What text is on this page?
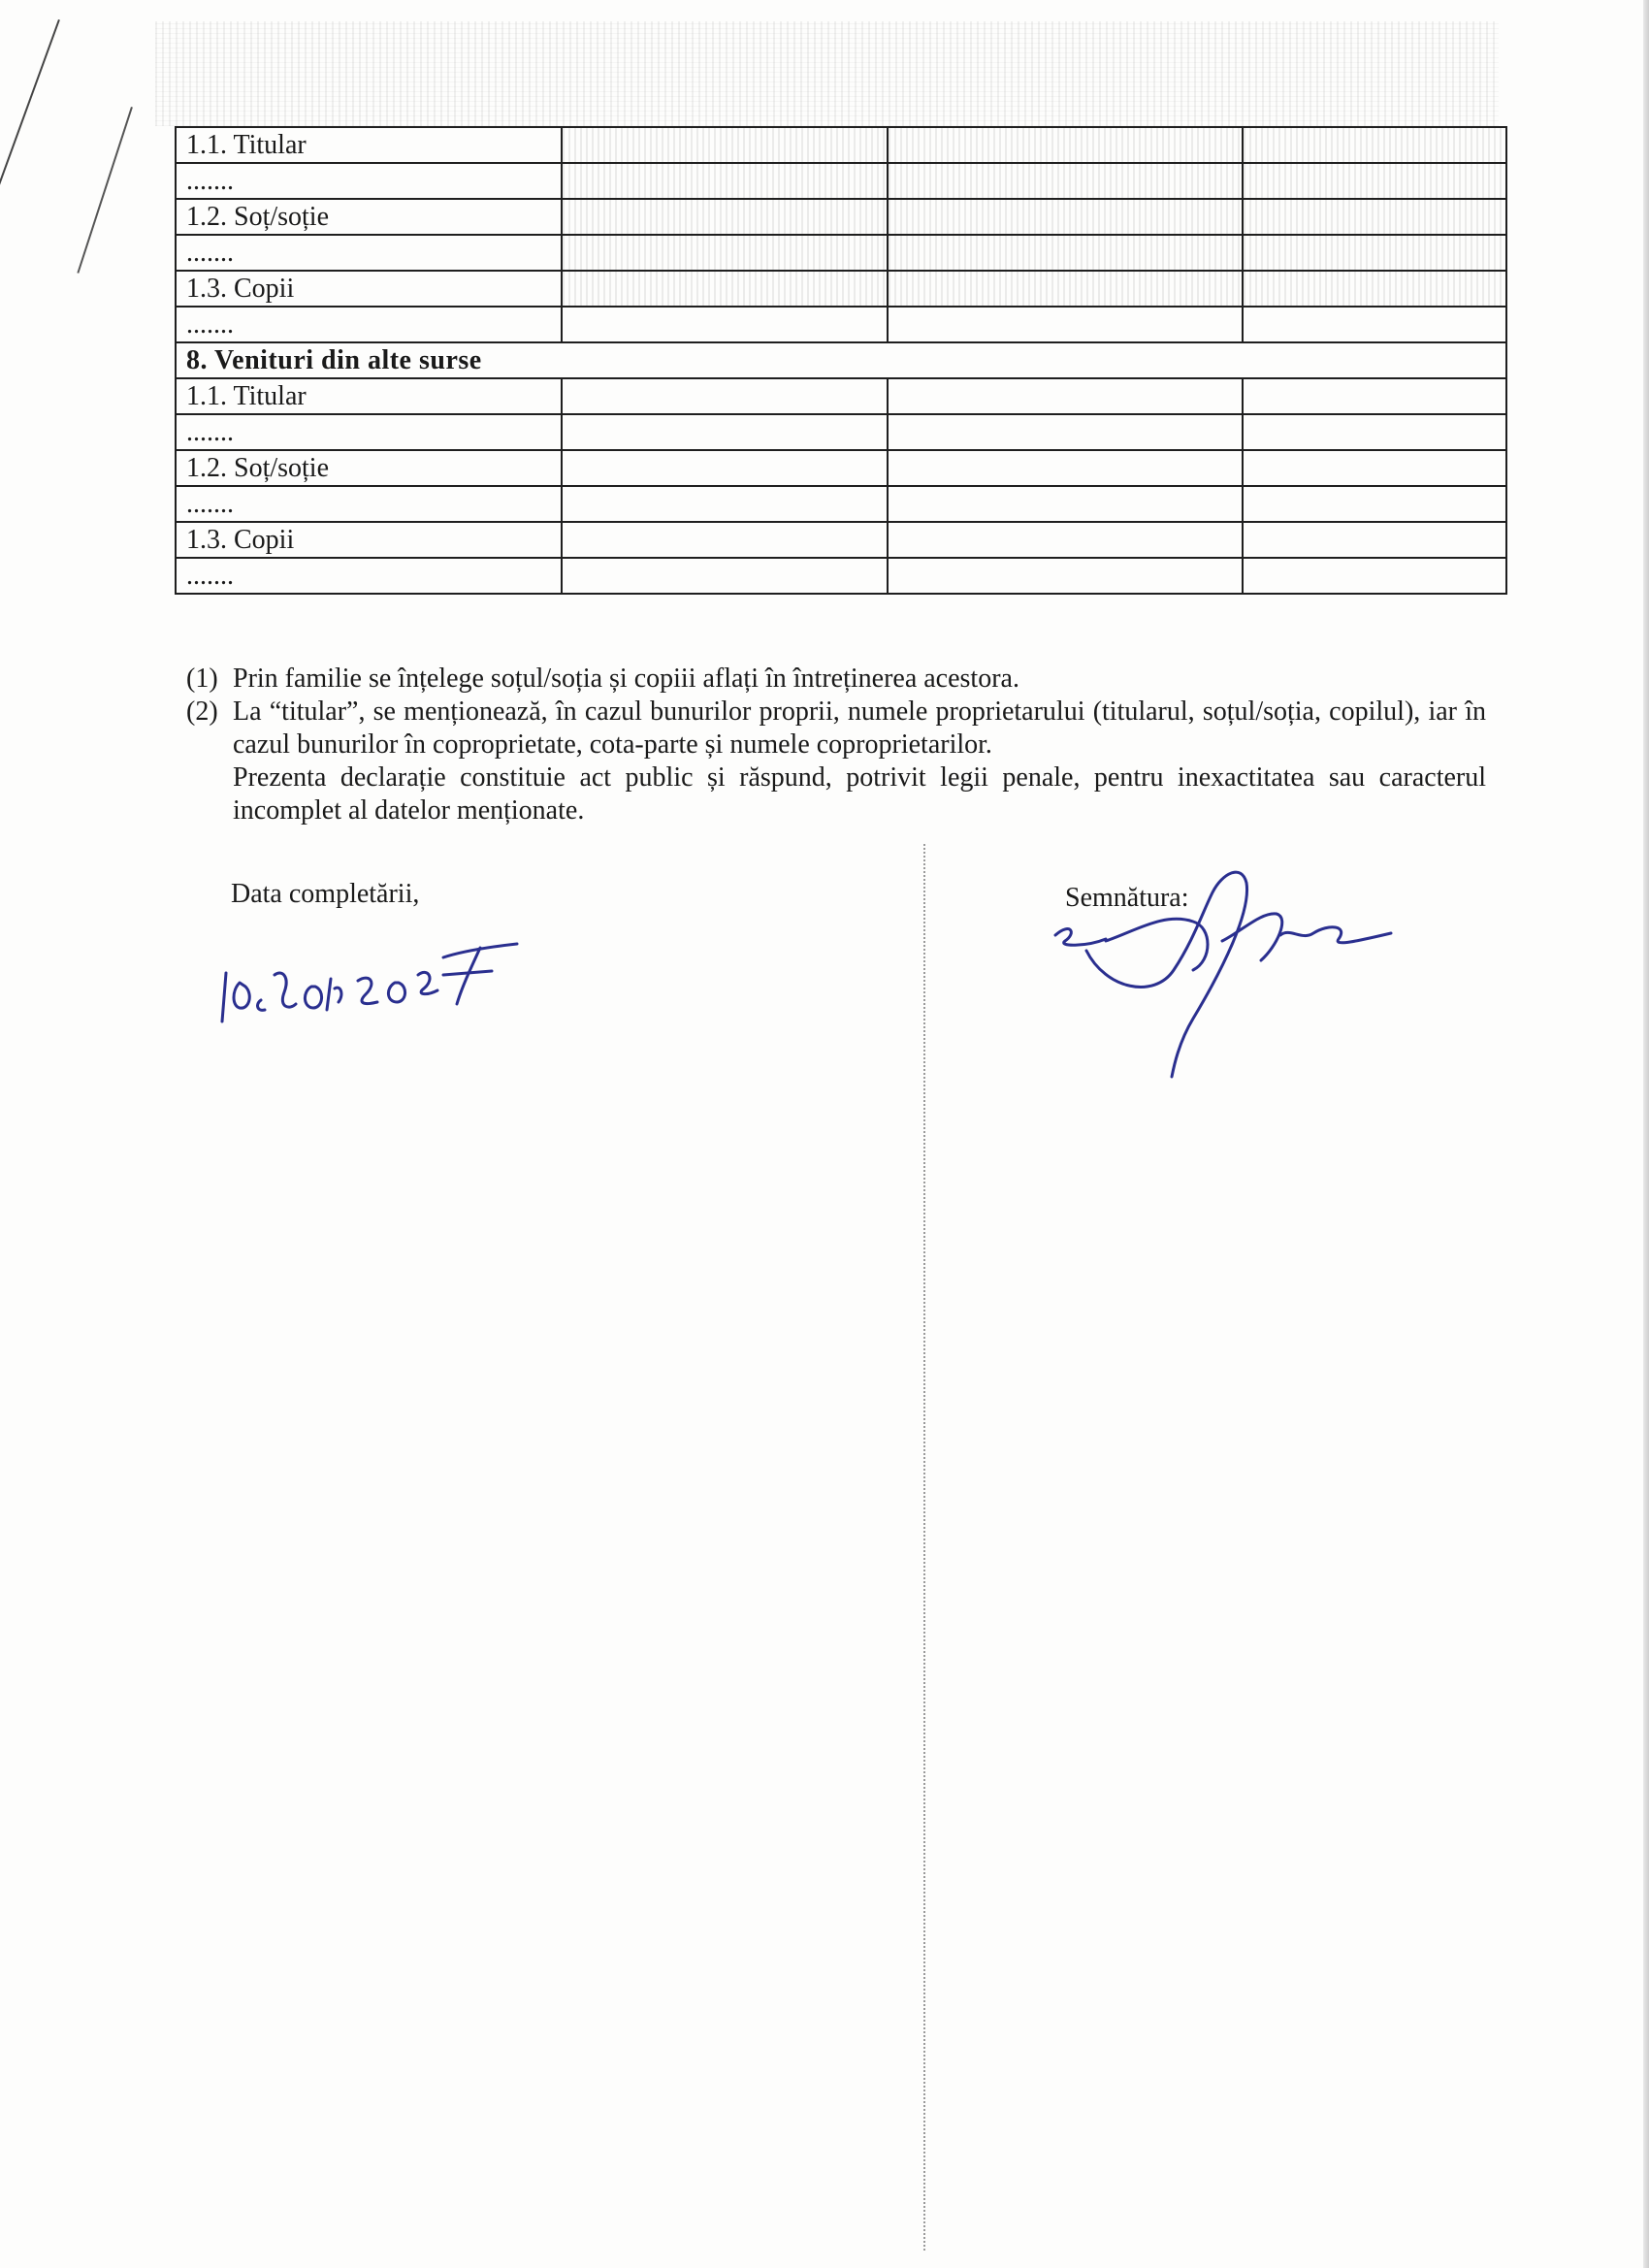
1.1. Titular			
.......			
1.2. Soț/soție			
.......			
1.3. Copii			
.......			
8. Venituri din alte surse			
1.1. Titular			
.......			
1.2. Soț/soție			
.......			
1.3. Copii			
.......			
(1) Prin familie se înțelege soțul/soția și copiii aflați în întreținerea acestora.
(2) La “titular”, se menționează, în cazul bunurilor proprii, numele proprietarului (titularul, soțul/soția, copilul), iar în cazul bunurilor în coproprietate, cota-parte și numele coproprietarilor.
Prezenta declarație constituie act public și răspund, potrivit legii penale, pentru inexactitatea sau caracterul incomplet al datelor menționate.
Data completării,	Semnătura:
